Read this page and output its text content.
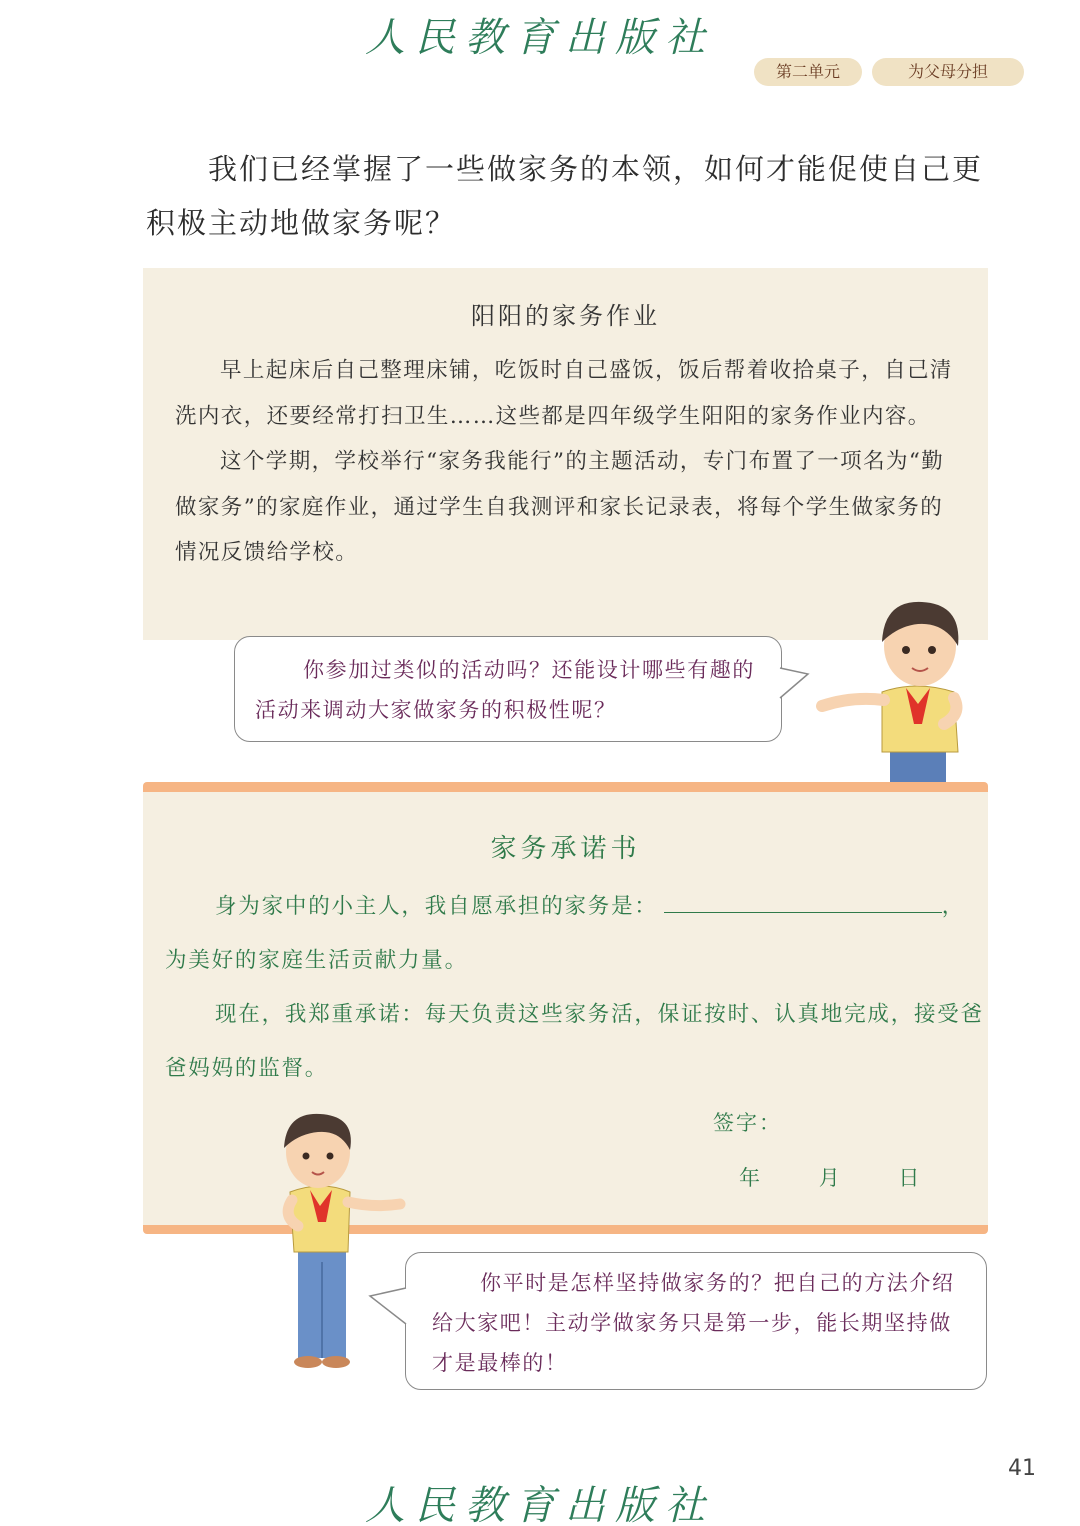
人民教育出版社
第二单元	为父母分担
我们已经掌握了一些做家务的本领，如何才能促使自己更积极主动地做家务呢？
阳阳的家务作业

早上起床后自己整理床铺，吃饭时自己盛饭，饭后帮着收拾桌子，自己清洗内衣，还要经常打扫卫生……这些都是四年级学生阳阳的家务作业内容。

这个学期，学校举行“家务我能行”的主题活动，专门布置了一项名为“勤做家务”的家庭作业，通过学生自我测评和家长记录表，将每个学生做家务的情况反馈给学校。

你参加过类似的活动吗？还能设计哪些有趣的活动来调动大家做家务的积极性呢？

家务承诺书

身为家中的小主人，我自愿承担的家务是：	，为美好的家庭生活贡献力量。

现在，我郑重承诺：每天负责这些家务活，保证按时、认真地完成，接受爸爸妈妈的监督。

签字：
年	月	日

你平时是怎样坚持做家务的？把自己的方法介绍给大家吧！主动学做家务只是第一步，能长期坚持做才是最棒的！

41
人民教育出版社
